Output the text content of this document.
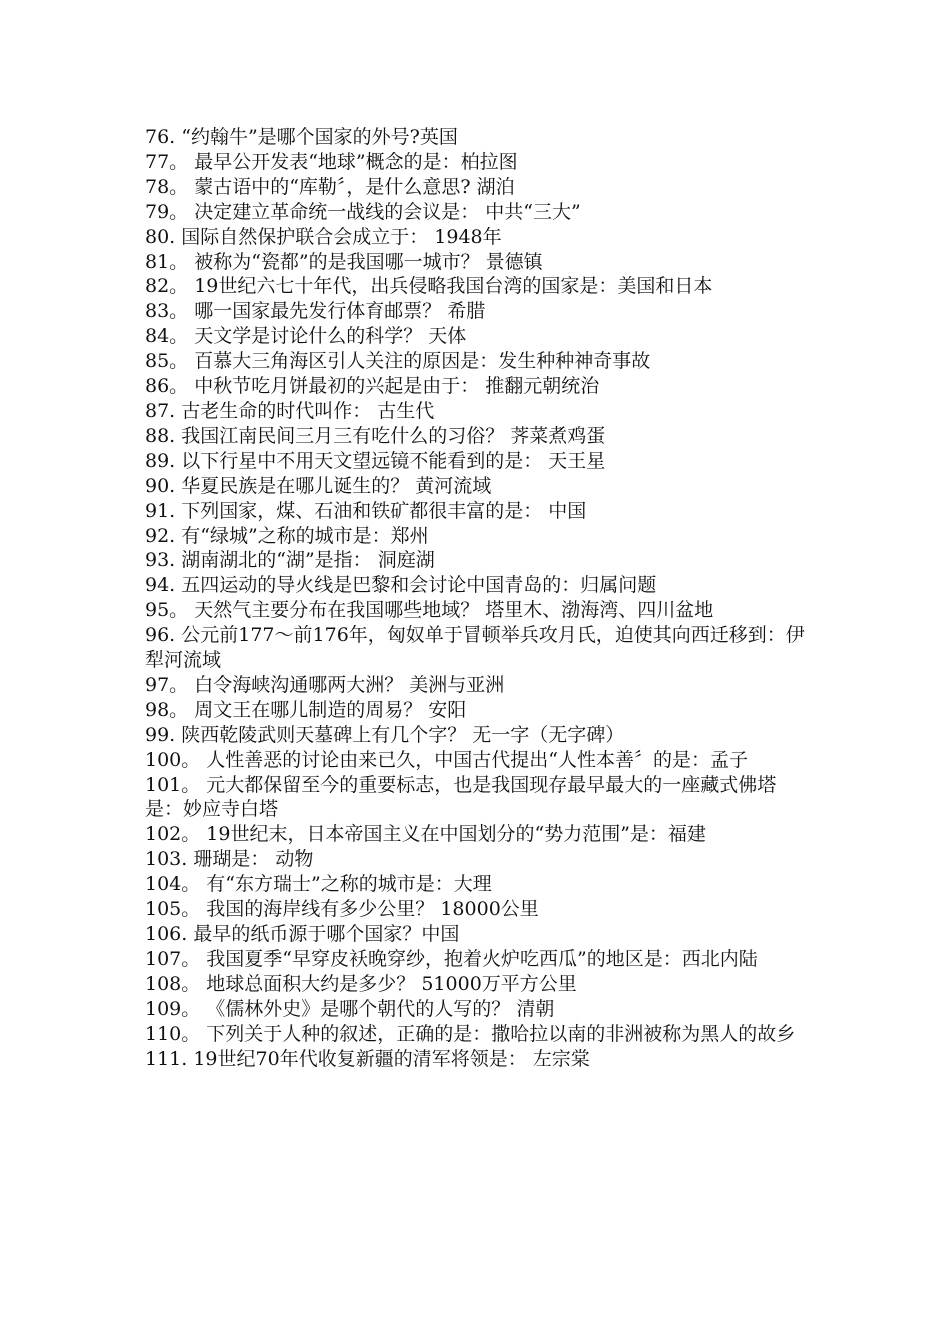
76. “约翰牛”是哪个国家的外号?英国

77。 最早公开发表“地球”概念的是：柏拉图

78。 蒙古语中的“库勒〞，是什么意思? 湖泊

79。 决定建立革命统一战线的会议是： 中共“三大”

80. 国际自然保护联合会成立于： 1948年

81。 被称为“瓷都”的是我国哪一城市？ 景德镇

82。 19世纪六七十年代，出兵侵略我国台湾的国家是：美国和日本

83。 哪一国家最先发行体育邮票？ 希腊

84。 天文学是讨论什么的科学？ 天体

85。 百慕大三角海区引人关注的原因是：发生种种神奇事故

86。 中秋节吃月饼最初的兴起是由于： 推翻元朝统治

87. 古老生命的时代叫作： 古生代

88. 我国江南民间三月三有吃什么的习俗？ 荠菜煮鸡蛋

89. 以下行星中不用天文望远镜不能看到的是： 天王星

90. 华夏民族是在哪儿诞生的？ 黄河流域

91. 下列国家，煤、石油和铁矿都很丰富的是： 中国

92. 有“绿城”之称的城市是：郑州

93. 湖南湖北的“湖”是指： 洞庭湖

94. 五四运动的导火线是巴黎和会讨论中国青岛的：归属问题

95。 天然气主要分布在我国哪些地域？ 塔里木、渤海湾、四川盆地

96. 公元前177～前176年，匈奴单于冒顿举兵攻月氏，迫使其向西迁移到：伊犁河流域

97。 白令海峡沟通哪两大洲？ 美洲与亚洲

98。 周文王在哪儿制造的周易？ 安阳

99. 陕西乾陵武则天墓碑上有几个字？ 无一字（无字碑）

100。 人性善恶的讨论由来已久，中国古代提出“人性本善〞的是：孟子

101。 元大都保留至今的重要标志，也是我国现存最早最大的一座藏式佛塔是：妙应寺白塔

102。 19世纪末，日本帝国主义在中国划分的“势力范围”是：福建

103. 珊瑚是： 动物

104。 有“东方瑞士”之称的城市是：大理

105。 我国的海岸线有多少公里？ 18000公里

106. 最早的纸币源于哪个国家？中国

107。 我国夏季“早穿皮袄晚穿纱，抱着火炉吃西瓜”的地区是：西北内陆

108。 地球总面积大约是多少？ 51000万平方公里

109。 《儒林外史》是哪个朝代的人写的？ 清朝

110。 下列关于人种的叙述，正确的是：撒哈拉以南的非洲被称为黑人的故乡

111. 19世纪70年代收复新疆的清军将领是： 左宗棠
